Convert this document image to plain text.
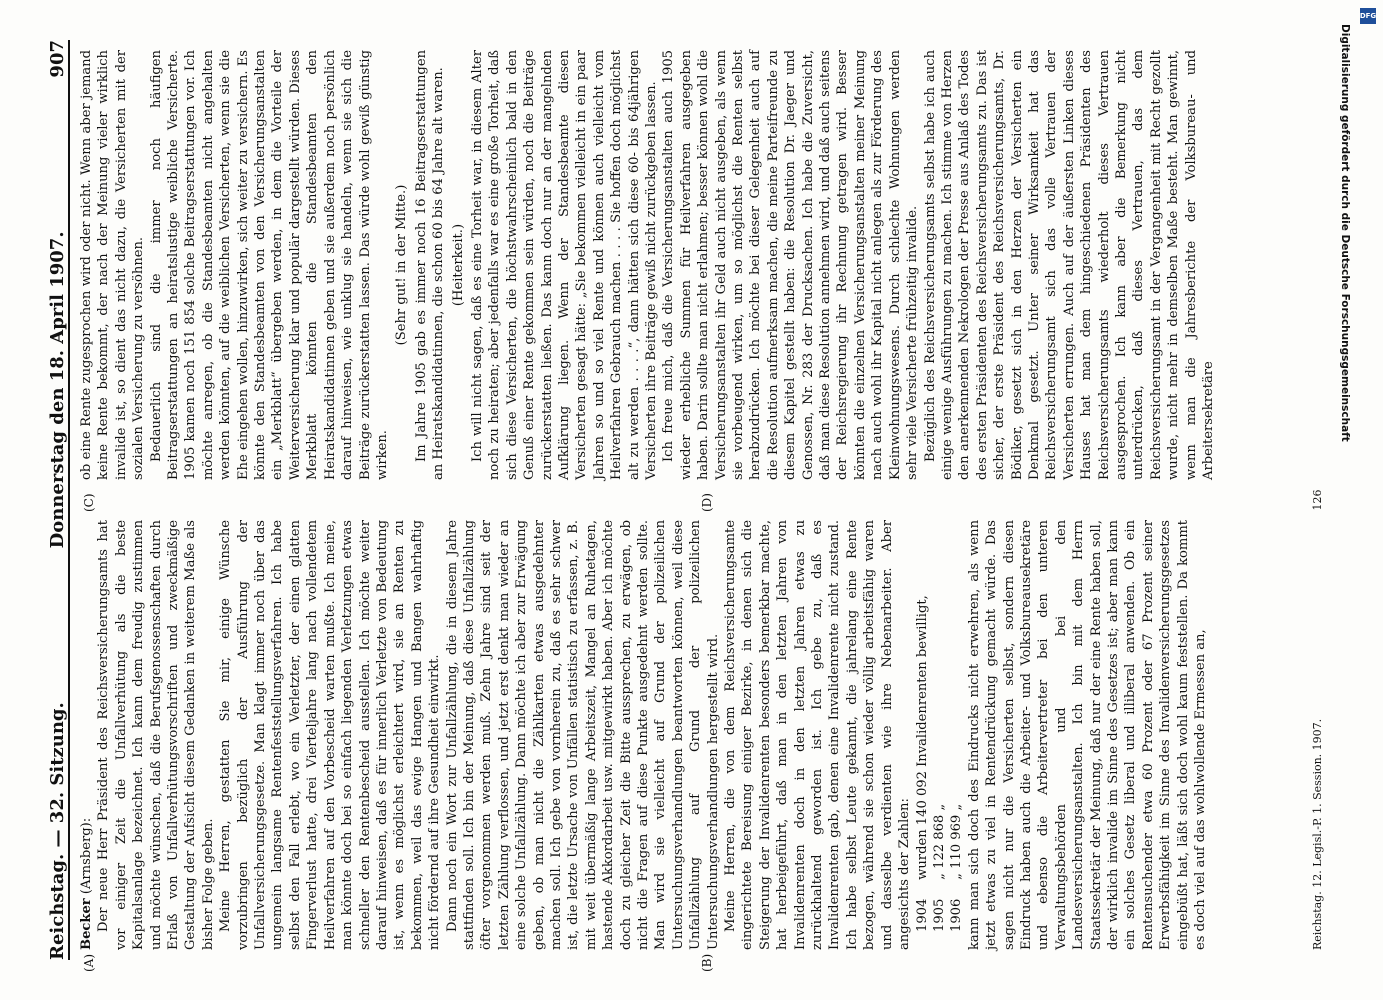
Reichstag. — 32. Sitzung.
Donnerstag den 18. April 1907.
907
(A)	(B)
(C)	(D)

Becker (Arnsberg): Der neue Herr Präsident des Reichsversicherungsamts hat vor einiger Zeit die Unfallverhütung als die beste Kapitalsanlage bezeichnet. Ich kann dem freudig zustimmen und möchte wünschen, daß die Berufsgenossenschaften durch Erlaß von Unfallverhütungsvorschriften und zweckmäßige Gestaltung der Aufsicht diesem Gedanken in weiterem Maße als bisher Folge geben. Meine Herren, gestatten Sie mir, einige Wünsche vorzubringen bezüglich der Ausführung der Unfallversicherungsgesetze. Man klagt immer noch über das ungemein langsame Rentenfeststellungsverfahren. Ich habe selbst den Fall erlebt, wo ein Verletzter, der einen glatten Fingerverlust hatte, drei Vierteljahre lang nach vollendetem Heilverfahren auf den Vorbescheid warten mußte. Ich meine, man könnte doch bei so einfach liegenden Verletzungen etwas schneller den Rentenbescheid ausstellen. Ich möchte weiter darauf hinweisen, daß es für innerlich Verletzte von Bedeutung ist, wenn es möglichst erleichtert wird, sie an Renten zu bekommen, weil das ewige Hangen und Bangen wahrhaftig nicht fördernd auf ihre Gesundheit einwirkt. Dann noch ein Wort zur Unfallzählung, die in diesem Jahre stattfinden soll. Ich bin der Meinung, daß diese Unfallzählung öfter vorgenommen werden muß. Zehn Jahre sind seit der letzten Zählung verflossen, und jetzt erst denkt man wieder an eine solche Unfallzählung. Dann möchte ich aber zur Erwägung geben, ob man nicht die Zählkarten etwas ausgedehnter machen soll. Ich gebe von vornherein zu, daß es sehr schwer ist, die letzte Ursache von Unfällen statistisch zu erfassen, z. B. mit weit übermäßig lange Arbeitszeit, Mangel an Ruhetagen, hastende Akkordarbeit usw. mitgewirkt haben. Aber ich möchte doch zu gleicher Zeit die Bitte aussprechen, zu erwägen, ob nicht die Fragen auf diese Punkte ausgedehnt werden sollte. Man wird sie vielleicht auf Grund der polizeilichen Untersuchungsverhandlungen beantworten können, weil diese Unfallzählung auf Grund der polizeilichen Untersuchungsverhandlungen hergestellt wird. Meine Herren, die von dem Reichsversicherungsamte eingerichtete Bereisung einiger Bezirke, in denen sich die Steigerung der Invalidenrenten besonders bemerkbar machte, hat herbeigeführt, daß man in den letzten Jahren von Invalidenrenten doch in den letzten Jahren etwas zu zurückhaltend geworden ist. Ich gebe zu, daß es Invalidenrenten gab, denen eine Invalidenrente nicht zustand. Ich habe selbst Leute gekannt, die jahrelang eine Rente bezogen, während sie schon wieder völlig arbeitsfähig waren und dasselbe verdienten wie ihre Nebenarbeiter. Aber angesichts der Zahlen: 1904 wurden 140 092 Invalidenrenten bewilligt,

1905 „ 122 868 „

1906 „ 110 969 „ kann man sich doch des Eindrucks nicht erwehren, als wenn jetzt etwas zu viel in Rentendrückung gemacht würde. Das sagen nicht nur die Versicherten selbst, sondern diesen Eindruck haben auch die Arbeiter- und Volksbureausekretäre und ebenso die Arbeitervertreter bei den unteren Verwaltungsbehörden und bei den Landesversicherungsanstalten. Ich bin mit dem Herrn Staatssekretär der Meinung, daß nur der eine Rente haben soll, der wirklich invalide im Sinne des Gesetzes ist; aber man kann ein solches Gesetz liberal und illiberal anwenden. Ob ein Rentensuchender etwa 60 Prozent oder 67 Prozent seiner Erwerbsfähigkeit im Sinne des Invalidenversicherungsgesetzes eingebüßt hat, läßt sich doch wohl kaum feststellen. Da kommt es doch viel auf das wohlwollende Ermessen an,

ob eine Rente zugesprochen wird oder nicht. Wenn aber jemand keine Rente bekommt, der nach der Meinung vieler wirklich invalide ist, so dient das nicht dazu, die Versicherten mit der sozialen Versicherung zu versöhnen. Bedauerlich sind die immer noch häufigen Beitragserstattungen an heiratslustige weibliche Versicherte. 1905 kamen noch 151 854 solche Beitragserstattungen vor. Ich möchte anregen, ob die Standesbeamten nicht angehalten werden könnten, auf die weiblichen Versicherten, wenn sie die Ehe eingehen wollen, hinzuwirken, sich weiter zu versichern. Es könnte den Standesbeamten von den Versicherungsanstalten ein „Merkblatt“ übergeben werden, in dem die Vorteile der Weiterversicherung klar und populär dargestellt würden. Dieses Merkblatt könnten die Standesbeamten den Heiratskandidatinnen geben und sie außerdem noch persönlich darauf hinweisen, wie unklug sie handeln, wenn sie sich die Beiträge zurückerstatten lassen. Das würde wohl gewiß günstig wirken.

(Sehr gut! in der Mitte.) Im Jahre 1905 gab es immer noch 16 Beitragserstattungen an Heiratskandidatinnen, die schon 60 bis 64 Jahre alt waren. (Heiterkeit.) Ich will nicht sagen, daß es eine Torheit war, in diesem Alter noch zu heiraten; aber jedenfalls war es eine große Torheit, daß sich diese Versicherten, die höchstwahrscheinlich bald in den Genuß einer Rente gekommen sein würden, noch die Beiträge zurückerstatten ließen. Das kann doch nur an der mangelnden Aufklärung liegen. Wenn der Standesbeamte diesen Versicherten gesagt hätte: „Sie bekommen vielleicht in ein paar Jahren so und so viel Rente und können auch vielleicht vom Heilverfahren Gebrauch machen . . . . Sie hoffen doch möglichst alt zu werden . . . .“, dann hätten sich diese 60- bis 64jährigen Versicherten ihre Beiträge gewiß nicht zurückgeben lassen. Ich freue mich, daß die Versicherungsanstalten auch 1905 wieder erhebliche Summen für Heilverfahren ausgegeben haben. Darin sollte man nicht erlahmen; besser können wohl die Versicherungsanstalten ihr Geld auch nicht ausgeben, als wenn sie vorbeugend wirken, um so möglichst die Renten selbst herabzudrücken. Ich möchte bei dieser Gelegenheit auch auf die Resolution aufmerksam machen, die meine Parteifreunde zu diesem Kapitel gestellt haben: die Resolution Dr. Jaeger und Genossen, Nr. 283 der Drucksachen. Ich habe die Zuversicht, daß man diese Resolution annehmen wird, und daß auch seitens der Reichsregierung ihr Rechnung getragen wird. Besser könnten die einzelnen Versicherungsanstalten meiner Meinung nach auch wohl ihr Kapital nicht anlegen als zur Förderung des Kleinwohnungswesens. Durch schlechte Wohnungen werden sehr viele Versicherte frühzeitig invalide. Bezüglich des Reichsversicherungsamts selbst habe ich auch einige wenige Ausführungen zu machen. Ich stimme von Herzen den anerkennenden Nekrologen der Presse aus Anlaß des Todes des ersten Präsidenten des Reichsversicherungsamts zu. Das ist sicher, der erste Präsident des Reichsversicherungsamts, Dr. Bödiker, gesetzt sich in den Herzen der Versicherten ein Denkmal gesetzt. Unter seiner Wirksamkeit hat das Reichsversicherungsamt sich das volle Vertrauen der Versicherten errungen. Auch auf der äußersten Linken dieses Hauses hat man dem hingeschiedenen Präsidenten des Reichsversicherungsamts wiederholt dieses Vertrauen ausgesprochen. Ich kann aber die Bemerkung nicht unterdrücken, daß dieses Vertrauen, das dem Reichsversicherungsamt in der Vergangenheit mit Recht gezollt wurde, nicht mehr in demselben Maße besteht. Man gewinnt, wenn man die Jahresberichte der Volksbureau- und Arbeitersekretäre

Reichstag. 12. Legisl.-P. 1. Session. 1907.
126
Digitalisierung gefördert durch die Deutsche Forschungsgemeinschaft
DFG
